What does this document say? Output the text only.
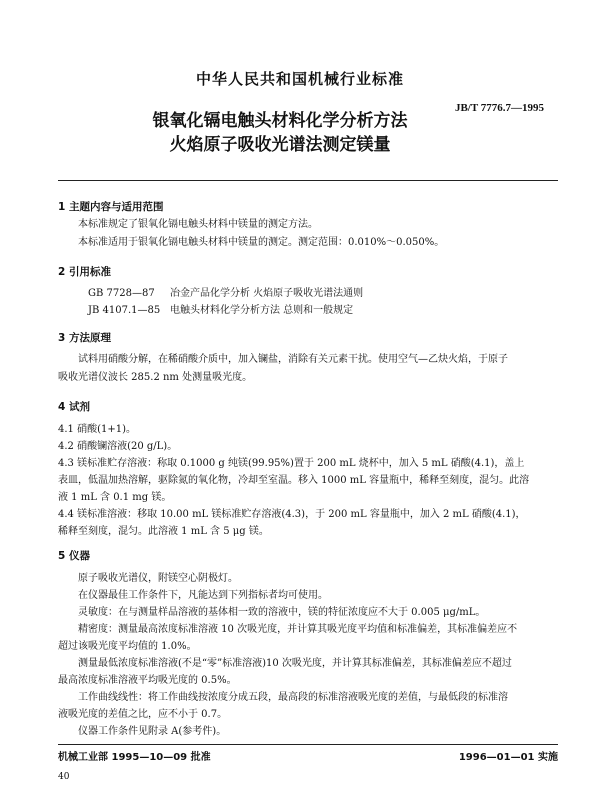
中华人民共和国机械行业标准
JB/T 7776.7—1995
银氧化镉电触头材料化学分析方法
火焰原子吸收光谱法测定镁量
1 主题内容与适用范围
本标准规定了银氧化镉电触头材料中镁量的测定方法。
本标准适用于银氧化镉电触头材料中镁量的测定。测定范围：0.010%～0.050%。
2 引用标准
GB 7728—87 冶金产品化学分析 火焰原子吸收光谱法通则
JB 4107.1—85 电触头材料化学分析方法 总则和一般规定
3 方法原理
试料用硝酸分解，在稀硝酸介质中，加入镧盐，消除有关元素干扰。使用空气—乙炔火焰，于原子
吸收光谱仪波长 285.2 nm 处测量吸光度。
4 试剂
4.1 硝酸(1+1)。
4.2 硝酸镧溶液(20 g/L)。
4.3 镁标准贮存溶液：称取 0.1000 g 纯镁(99.95%)置于 200 mL 烧杯中，加入 5 mL 硝酸(4.1)，盖上
表皿，低温加热溶解，驱除氮的氧化物，冷却至室温。移入 1000 mL 容量瓶中，稀释至刻度，混匀。此溶
液 1 mL 含 0.1 mg 镁。
4.4 镁标准溶液：移取 10.00 mL 镁标准贮存溶液(4.3)，于 200 mL 容量瓶中，加入 2 mL 硝酸(4.1)，
稀释至刻度，混匀。此溶液 1 mL 含 5 μg 镁。
5 仪器
原子吸收光谱仪，附镁空心阴极灯。
在仪器最佳工作条件下，凡能达到下列指标者均可使用。
灵敏度：在与测量样品溶液的基体相一致的溶液中，镁的特征浓度应不大于 0.005 μg/mL。
精密度：测量最高浓度标准溶液 10 次吸光度，并计算其吸光度平均值和标准偏差，其标准偏差应不
超过该吸光度平均值的 1.0%。
测量最低浓度标准溶液(不是“零”标准溶液)10 次吸光度，并计算其标准偏差，其标准偏差应不超过
最高浓度标准溶液平均吸光度的 0.5%。
工作曲线线性：将工作曲线按浓度分成五段，最高段的标准溶液吸光度的差值，与最低段的标准溶
液吸光度的差值之比，应不小于 0.7。
仪器工作条件见附录 A(参考件)。
机械工业部 1995—10—09 批准	1996—01—01 实施
40
